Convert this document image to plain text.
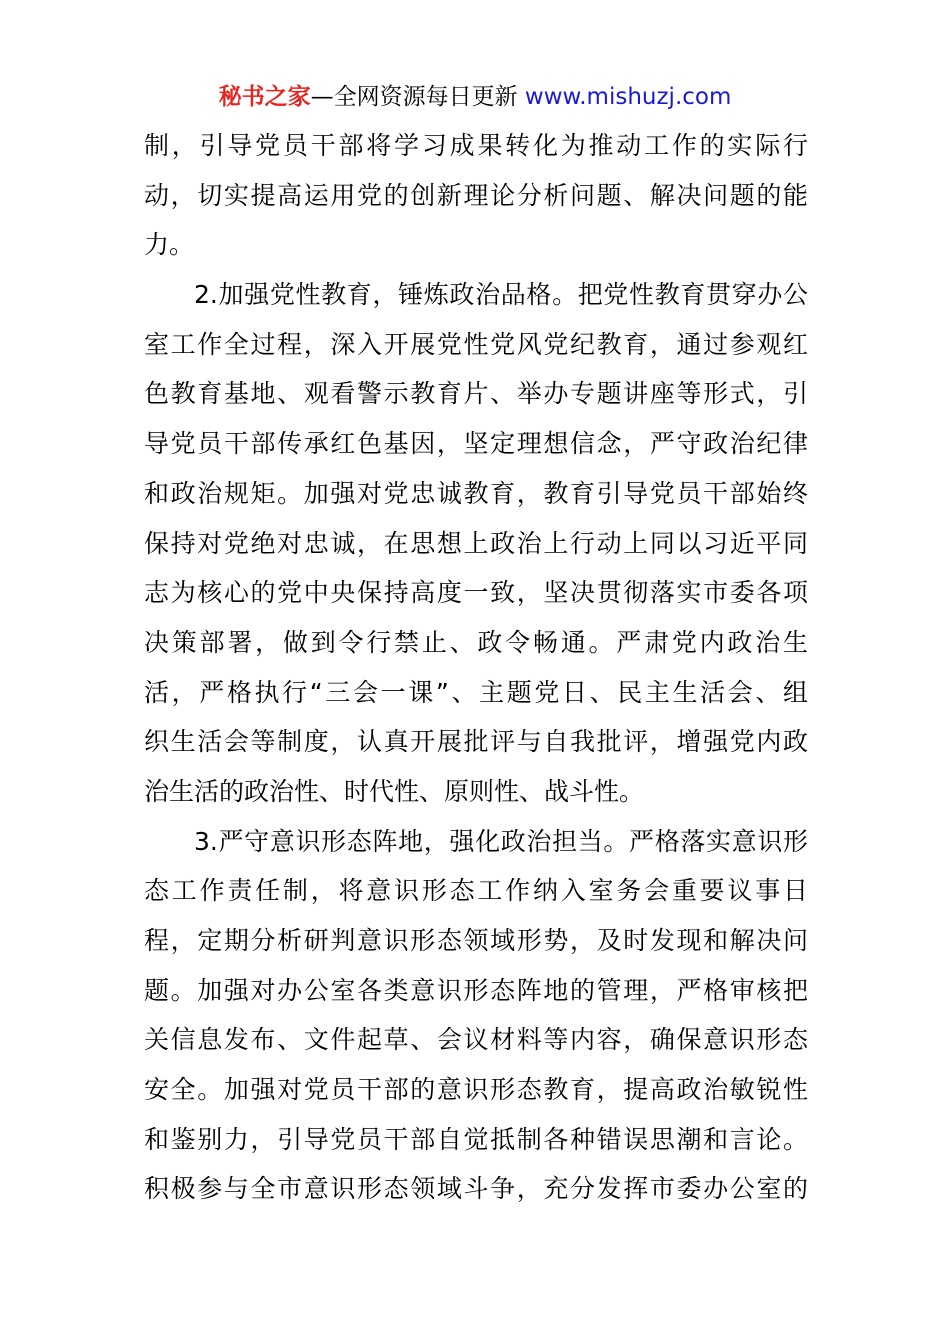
秘书之家—全网资源每日更新 www.mishuzj.com
制，引导党员干部将学习成果转化为推动工作的实际行
动，切实提高运用党的创新理论分析问题、解决问题的能
力。
2.加强党性教育，锤炼政治品格。把党性教育贯穿办公
室工作全过程，深入开展党性党风党纪教育，通过参观红
色教育基地、观看警示教育片、举办专题讲座等形式，引
导党员干部传承红色基因，坚定理想信念，严守政治纪律
和政治规矩。加强对党忠诚教育，教育引导党员干部始终
保持对党绝对忠诚，在思想上政治上行动上同以习近平同
志为核心的党中央保持高度一致，坚决贯彻落实市委各项
决策部署，做到令行禁止、政令畅通。严肃党内政治生
活，严格执行“三会一课”、主题党日、民主生活会、组
织生活会等制度，认真开展批评与自我批评，增强党内政
治生活的政治性、时代性、原则性、战斗性。
3.严守意识形态阵地，强化政治担当。严格落实意识形
态工作责任制，将意识形态工作纳入室务会重要议事日
程，定期分析研判意识形态领域形势，及时发现和解决问
题。加强对办公室各类意识形态阵地的管理，严格审核把
关信息发布、文件起草、会议材料等内容，确保意识形态
安全。加强对党员干部的意识形态教育，提高政治敏锐性
和鉴别力，引导党员干部自觉抵制各种错误思潮和言论。
积极参与全市意识形态领域斗争，充分发挥市委办公室的
